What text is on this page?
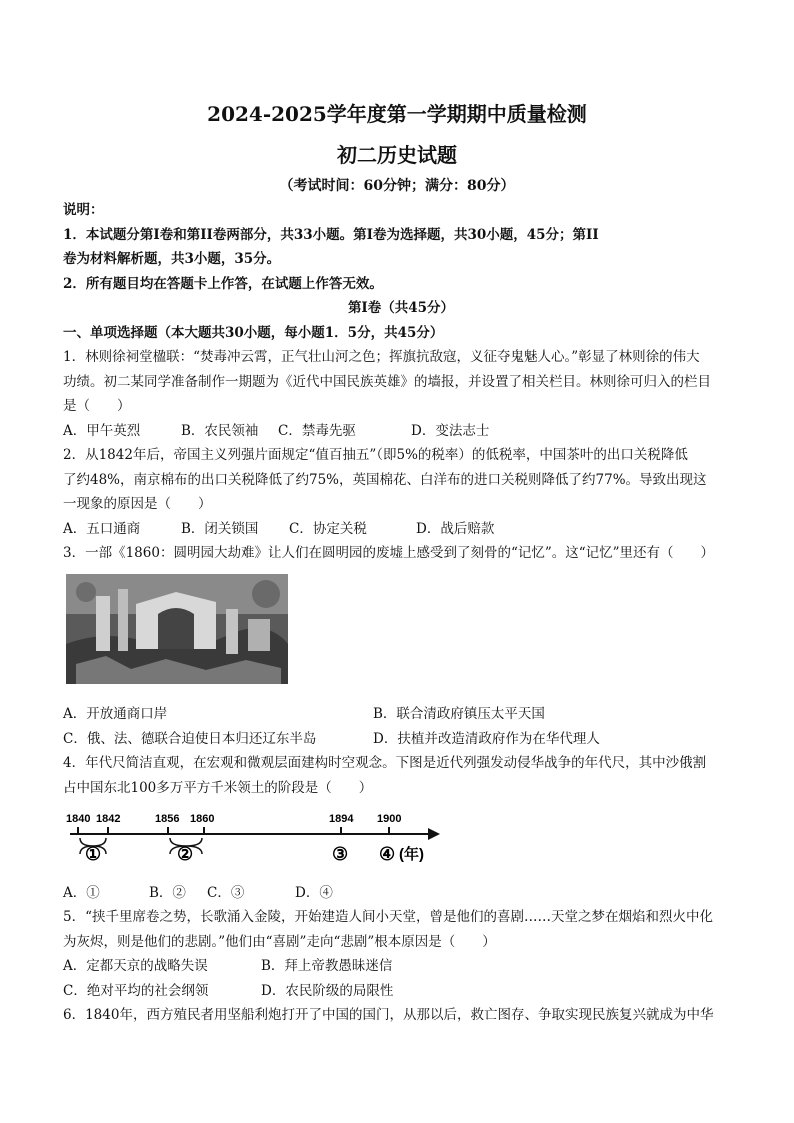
2024-2025学年度第一学期期中质量检测
初二历史试题
（考试时间：60分钟；满分：80分）
说明：
1．本试题分第I卷和第II卷两部分，共33小题。第I卷为选择题，共30小题，45分；第II
卷为材料解析题，共3小题，35分。
2．所有题目均在答题卡上作答，在试题上作答无效。
第I卷（共45分）
一、单项选择题（本大题共30小题，每小题1．5分，共45分）
1．林则徐祠堂楹联：“焚毒冲云霄，正气壮山河之色；挥旗抗敌寇，义征夺鬼魅人心。”彰显了林则徐的伟大
功绩。初二某同学准备制作一期题为《近代中国民族英雄》的墙报，并设置了相关栏目。林则徐可归入的栏目
是（　　）
A．甲午英烈	B．农民领袖	C．禁毒先驱	D．变法志士
2．从1842年后，帝国主义列强片面规定“值百抽五”（即5%的税率）的低税率，中国茶叶的出口关税降低
了约48%，南京棉布的出口关税降低了约75%，英国棉花、白洋布的进口关税则降低了约77%。导致出现这
一现象的原因是（　　）
A．五口通商	B．闭关锁国	C．协定关税	D．战后赔款
3．一部《1860：圆明园大劫难》让人们在圆明园的废墟上感受到了刻骨的“记忆”。这“记忆”里还有（　　）
A．开放通商口岸	B．联合清政府镇压太平天国
C．俄、法、德联合迫使日本归还辽东半岛	D．扶植并改造清政府作为在华代理人
4．年代尺简洁直观，在宏观和微观层面建构时空观念。下图是近代列强发动侵华战争的年代尺，其中沙俄割
占中国东北100多万平方千米领土的阶段是（　　）
1840 1842	1856 1860	1894 1900
①	②	③ ④ (年)
A．①	B．②	C．③	D．④
5．“挟千里席卷之势，长歌涌入金陵，开始建造人间小天堂，曾是他们的喜剧……天堂之梦在烟焰和烈火中化
为灰烬，则是他们的悲剧。”他们由“喜剧”走向“悲剧”根本原因是（　　）
A．定都天京的战略失误	B．拜上帝教愚昧迷信
C．绝对平均的社会纲领	D．农民阶级的局限性
6．1840年，西方殖民者用坚船利炮打开了中国的国门，从那以后，救亡图存、争取实现民族复兴就成为中华
